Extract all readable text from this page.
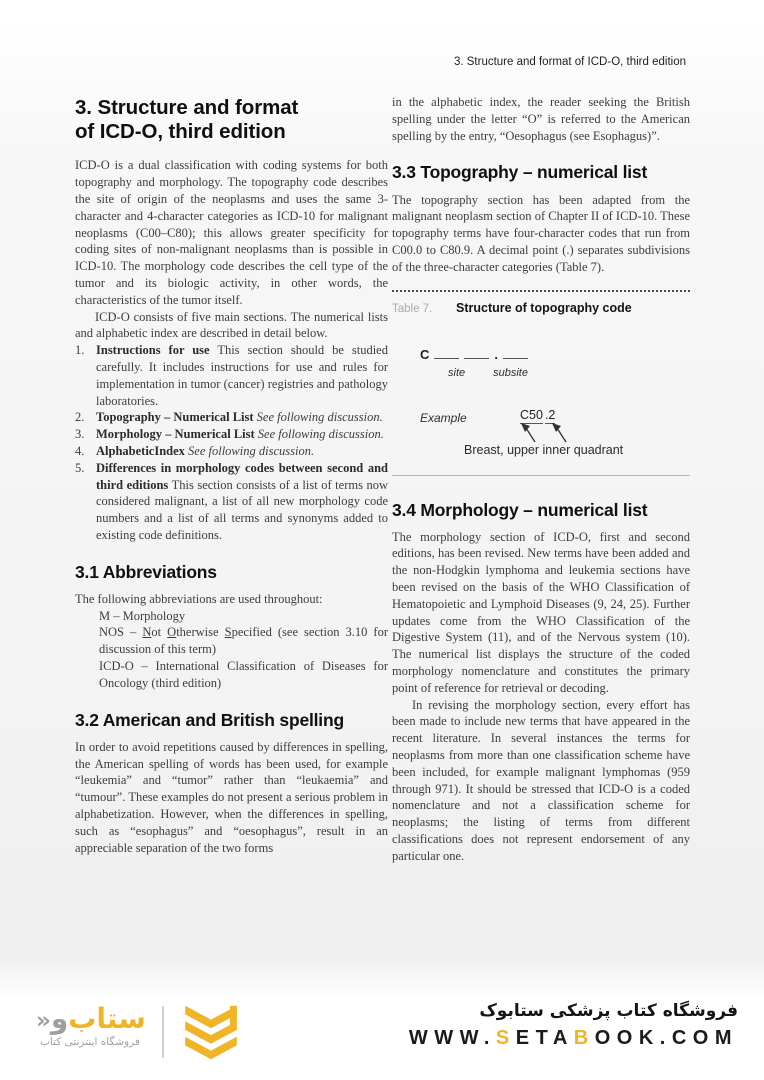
3. Structure and format of ICD-O, third edition
3. Structure and format
of ICD-O, third edition

ICD-O is a dual classification with coding systems for both topography and morphology. The topography code describes the site of origin of the neoplasms and uses the same 3-character and 4-character categories as ICD-10 for malignant neoplasms (C00–C80); this allows greater specificity for coding sites of non-malignant neoplasms than is possible in ICD-10. The morphology code describes the cell type of the tumor and its biologic activity, in other words, the characteristics of the tumor itself.

ICD-O consists of five main sections. The numerical lists and alphabetic index are described in detail below.

1. Instructions for use This section should be studied carefully. It includes instructions for use and rules for implementation in tumor (cancer) registries and pathology laboratories.
2. Topography – Numerical List See following discussion.
3. Morphology – Numerical List See following discussion.
4. AlphabeticIndex See following discussion.
5. Differences in morphology codes between second and third editions This section consists of a list of terms now considered malignant, a list of all new morphology code numbers and a list of all terms and synonyms added to existing code definitions.
3.1 Abbreviations

The following abbreviations are used throughout:

M – Morphology
NOS – Not Otherwise Specified (see section 3.10 for discussion of this term)
ICD-O – International Classification of Diseases for Oncology (third edition)
3.2 American and British spelling

In order to avoid repetitions caused by differences in spelling, the American spelling of words has been used, for example “leukemia” and “tumor” rather than “leukaemia” and “tumour”. These examples do not present a serious problem in alphabetization. However, when the differences in spelling, such as “esophagus” and “oesophagus”, result in an appreciable separation of the two forms

in the alphabetic index, the reader seeking the British spelling under the letter “O” is referred to the American spelling by the entry, “Oesophagus (see Esophagus)”.

3.3 Topography – numerical list

The topography section has been adapted from the malignant neoplasm section of Chapter II of ICD-10. These topography terms have four-character codes that run from C00.0 to C80.9. A decimal point (.) separates subdivisions of the three-character categories (Table 7).

Table 7.	Structure of topography code
C	.
site	subsite
Example	C50 .2
Breast, upper inner quadrant
3.4 Morphology – numerical list

The morphology section of ICD-O, first and second editions, has been revised. New terms have been added and the non-Hodgkin lymphoma and leukemia sections have been revised on the basis of the WHO Classification of Hematopoietic and Lymphoid Diseases (9, 24, 25). Further updates come from the WHO Classification of the Digestive System (11), and of the Nervous system (10). The numerical list displays the structure of the coded morphology nomenclature and constitutes the primary point of reference for retrieval or decoding.

In revising the morphology section, every effort has been made to include new terms that have appeared in the recent literature. In several instances the terms for neoplasms from more than one classification scheme have been included, for example malignant lymphomas (959 through 971). It should be stressed that ICD-O is a coded nomenclature and not a classification scheme for neoplasms; the listing of terms from different classifications does not represent endorsement of any particular one.

ستاب
و
«
فروشگاه اینترنتی کتاب
فروشگاه کتاب پزشکی ستابوک
WWW.SETABOOK.COM
